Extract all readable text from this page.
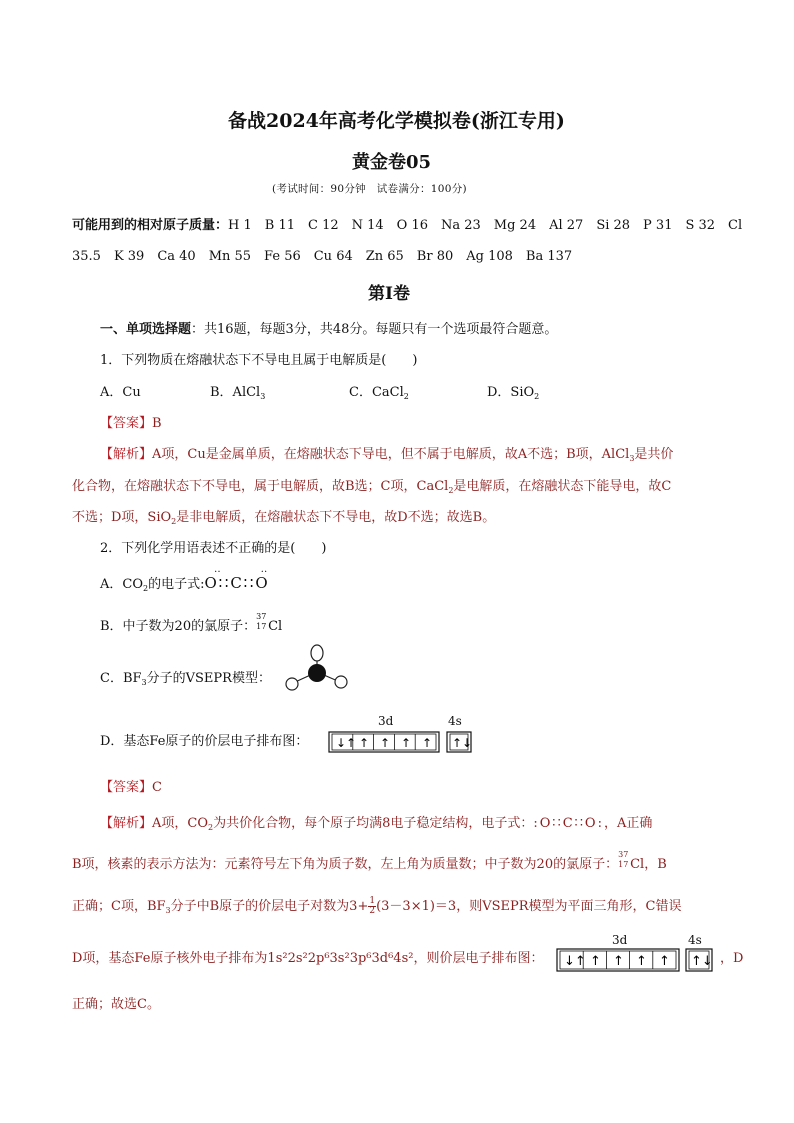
备战2024年高考化学模拟卷(浙江专用)
黄金卷05
(考试时间：90分钟　试卷满分：100分)
可能用到的相对原子质量：H 1　B 11　C 12　N 14　O 16　Na 23　Mg 24　Al 27　Si 28　P 31　S 32　Cl
35.5　K 39　Ca 40　Mn 55　Fe 56　Cu 64　Zn 65　Br 80　Ag 108　Ba 137
第Ⅰ卷
一、单项选择题：共16题，每题3分，共48分。每题只有一个选项最符合题意。
1．下列物质在熔融状态下不导电且属于电解质是(　　)
A．Cu	B．AlCl$_3$	C．CaCl$_2$	D．SiO$_2$
【答案】B
【解析】A项，Cu是金属单质，在熔融状态下导电，但不属于电解质，故A不选；B项，AlCl$_3$是共价
化合物，在熔融状态下不导电，属于电解质，故B选；C项，CaCl$_2$是电解质，在熔融状态下能导电，故C
不选；D项，SiO$_2$是非电解质，在熔融状态下不导电，故D不选；故选B。
2．下列化学用语表述不正确的是(　　)
A．$CO_2$的电子式:O∷C∷O
‥‥
B．中子数为20的氯原子：
37
17 Cl
C．$BF_3$分子的VSEPR模型：
D．基态Fe原子的价层电子排布图：
3d	4s
↓↑ ↑ ↑ ↑ ↑ ↑↓
【答案】C
【解析】A项，$CO_2$为共价化合物，每个原子均满8电子稳定结构，电子式：:O∷C∷O:，A正确
B项，核素的表示方法为：元素符号左下角为质子数，左上角为质量数；中子数为20的氯原子：
37
17 Cl，B
正确；C项，$BF_3$分子中B原子的价层电子对数为$3+ \frac{1}{2} (3-3\times 1)=3$，则VSEPR模型为平面三角形，C错误
D项，基态Fe原子核外电子排布为1s²2s²2p⁶3s²3p⁶3d⁶4s²，则价层电子排布图：
3d	4s
↓↑ ↑ ↑ ↑ ↑ ↑↓ ，D
正确；故选C。
